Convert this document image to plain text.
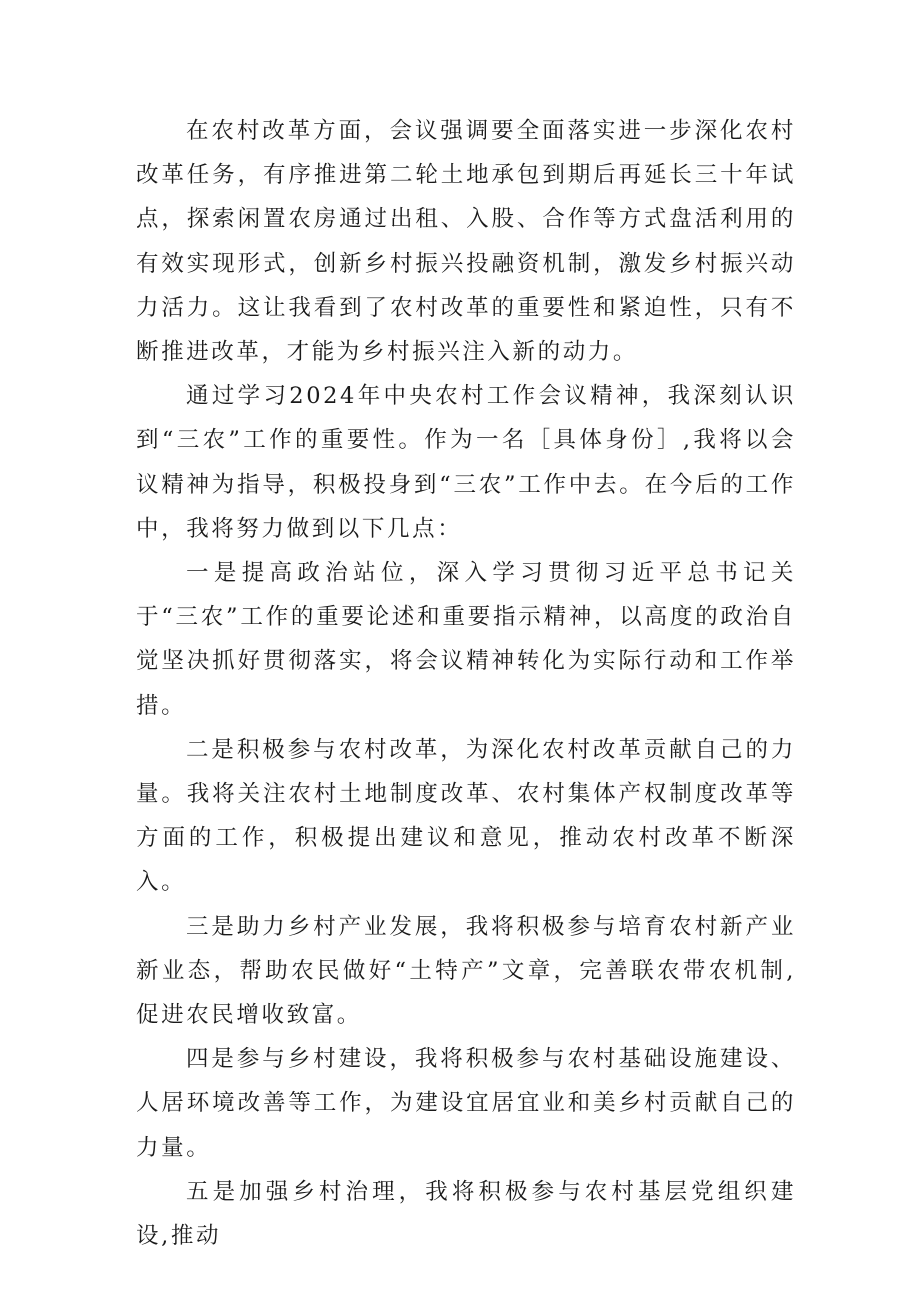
在农村改革方面，会议强调要全面落实进一步深化农村改革任务，有序推进第二轮土地承包到期后再延长三十年试点，探索闲置农房通过出租、入股、合作等方式盘活利用的有效实现形式，创新乡村振兴投融资机制，激发乡村振兴动力活力。这让我看到了农村改革的重要性和紧迫性，只有不断推进改革，才能为乡村振兴注入新的动力。

通过学习2024年中央农村工作会议精神，我深刻认识到“三农”工作的重要性。作为一名［具体身份］,我将以会议精神为指导，积极投身到“三农”工作中去。在今后的工作中，我将努力做到以下几点：

一是提高政治站位，深入学习贯彻习近平总书记关于“三农”工作的重要论述和重要指示精神，以高度的政治自觉坚决抓好贯彻落实，将会议精神转化为实际行动和工作举措。

二是积极参与农村改革，为深化农村改革贡献自己的力量。我将关注农村土地制度改革、农村集体产权制度改革等方面的工作，积极提出建议和意见，推动农村改革不断深入。

三是助力乡村产业发展，我将积极参与培育农村新产业新业态，帮助农民做好“土特产”文章，完善联农带农机制,促进农民增收致富。

四是参与乡村建设，我将积极参与农村基础设施建设、人居环境改善等工作，为建设宜居宜业和美乡村贡献自己的力量。

五是加强乡村治理，我将积极参与农村基层党组织建设,推动
